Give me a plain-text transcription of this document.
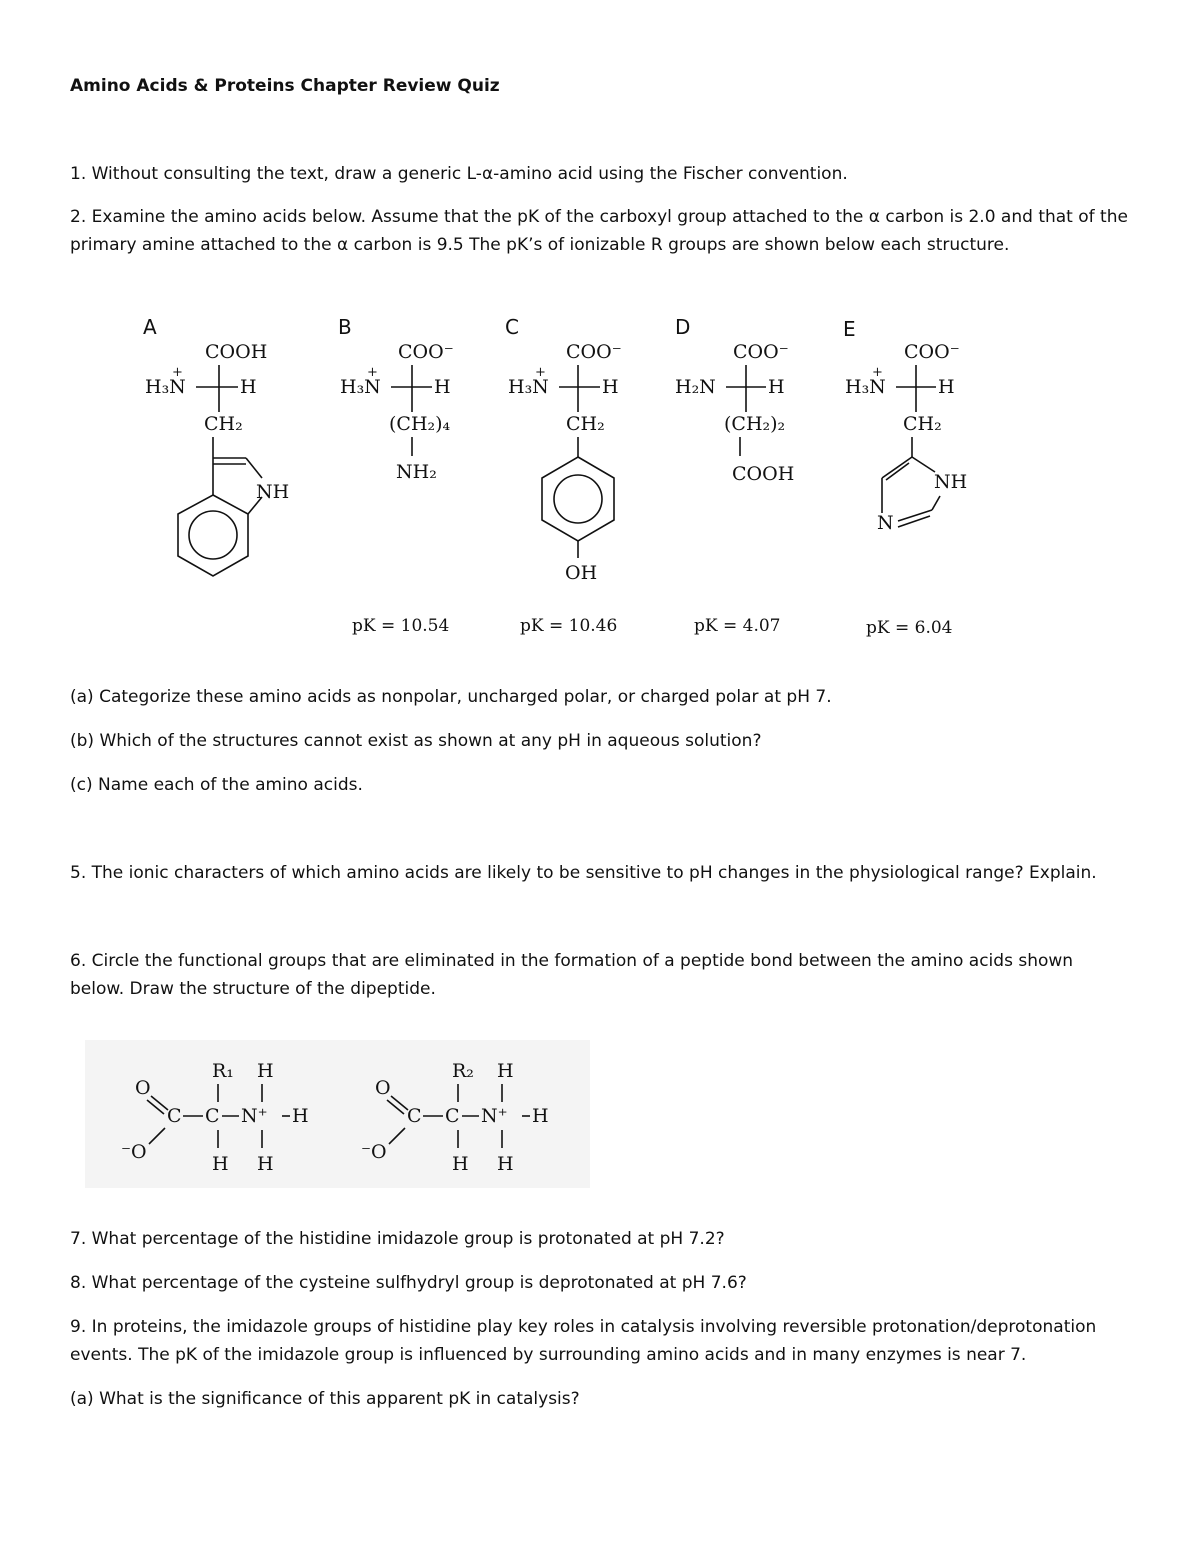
Amino Acids & Proteins Chapter Review Quiz
1. Without consulting the text, draw a generic L-α-amino acid using the Fischer convention.
2. Examine the amino acids below. Assume that the pK of the carboxyl group attached to the α carbon is 2.0 and that of the primary amine attached to the α carbon is 9.5 The pK’s of ionizable R groups are shown below each structure.
A
COOH
+
H₃N	H
CH₂
NH
B
COO⁻
+
H₃N	H
(CH₂)₄
NH₂
pK = 10.54
C
COO⁻
+
H₃N	H
CH₂
OH
pK = 10.46
D
COO⁻
H₂N	H
(CH₂)₂
COOH
pK = 4.07
E
COO⁻
+
H₃N	H
CH₂
NH
N
pK = 6.04
(a) Categorize these amino acids as nonpolar, uncharged polar, or charged polar at pH 7.
(b) Which of the structures cannot exist as shown at any pH in aqueous solution?
(c) Name each of the amino acids.
5. The ionic characters of which amino acids are likely to be sensitive to pH changes in the physiological range? Explain.
6. Circle the functional groups that are eliminated in the formation of a peptide bond between the amino acids shown below. Draw the structure of the dipeptide.
R₁ H
O
C C N⁺ H
⁻O
H H
R₂ H
O
C C N⁺ H
⁻O
H H
7. What percentage of the histidine imidazole group is protonated at pH 7.2?
8. What percentage of the cysteine sulfhydryl group is deprotonated at pH 7.6?
9. In proteins, the imidazole groups of histidine play key roles in catalysis involving reversible protonation/deprotonation events. The pK of the imidazole group is influenced by surrounding amino acids and in many enzymes is near 7.
(a) What is the significance of this apparent pK in catalysis?
